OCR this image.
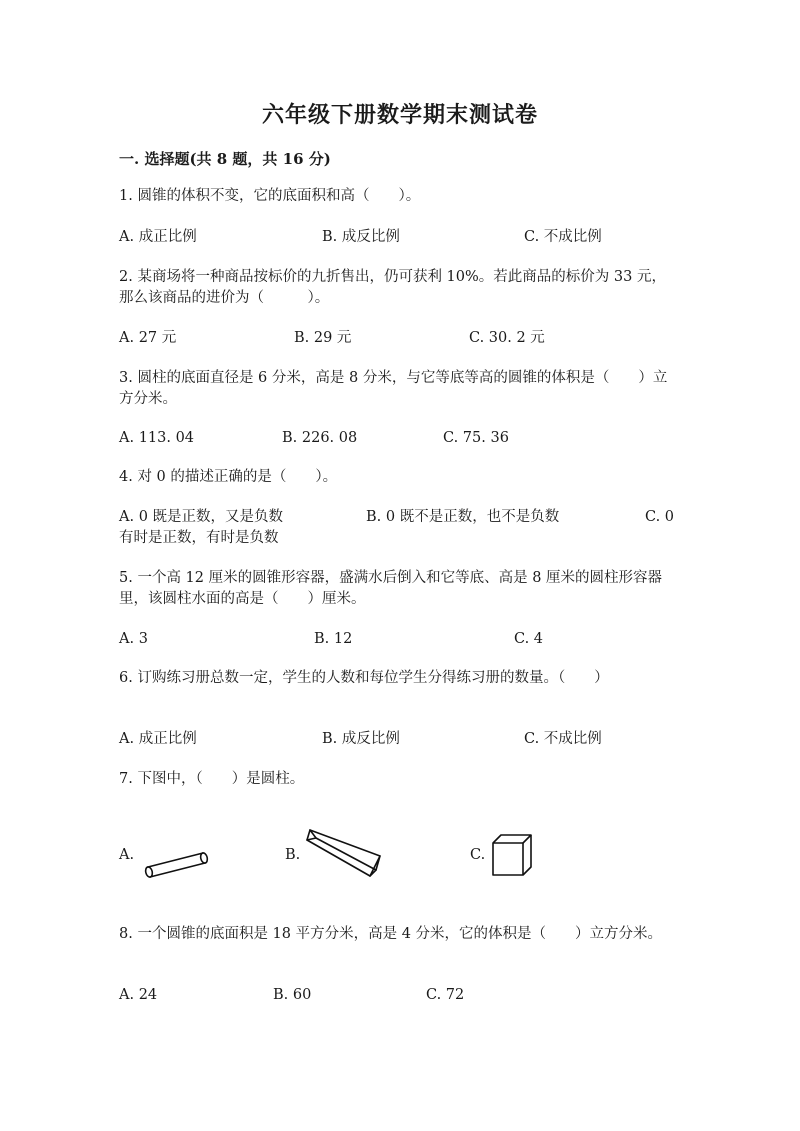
六年级下册数学期末测试卷
一. 选择题(共 8 题，共 16 分)

1. 圆锥的体积不变，它的底面积和高（　　）。

A. 成正比例	B. 成反比例	C. 不成比例

2. 某商场将一种商品按标价的九折售出，仍可获利 10%。若此商品的标价为 33 元，那么该商品的进价为（　　　）。

A. 27 元	B. 29 元	C. 30. 2 元

3. 圆柱的底面直径是 6 分米，高是 8 分米，与它等底等高的圆锥的体积是（　　）立方分米。

A. 113. 04	B. 226. 08	C. 75. 36

4. 对 0 的描述正确的是（　　）。

A. 0 既是正数，又是负数	B. 0 既不是正数，也不是负数	C. 0
有时是正数，有时是负数

5. 一个高 12 厘米的圆锥形容器，盛满水后倒入和它等底、高是 8 厘米的圆柱形容器里，该圆柱水面的高是（　　）厘米。

A. 3	B. 12	C. 4

6. 订购练习册总数一定，学生的人数和每位学生分得练习册的数量。（　　）

A. 成正比例	B. 成反比例	C. 不成比例

7. 下图中，（　　）是圆柱。

A.	B.	C.

8. 一个圆锥的底面积是 18 平方分米，高是 4 分米，它的体积是（　　）立方分米。

A. 24	B. 60	C. 72
